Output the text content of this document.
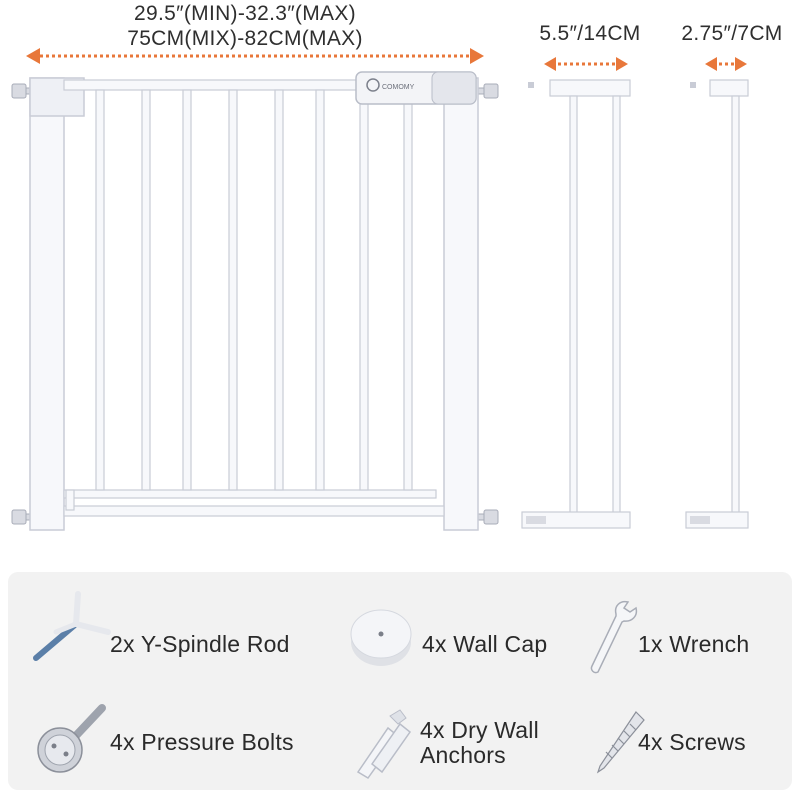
29.5″(MIN)-32.3″(MAX)
75CM(MIX)-82CM(MAX)	5.5″/14CM	2.75″/7CM
COMOMY
2x Y-Spindle Rod	4x Wall Cap	1x Wrench
4x Pressure Bolts	4x Dry Wall Anchors	4x Screws
